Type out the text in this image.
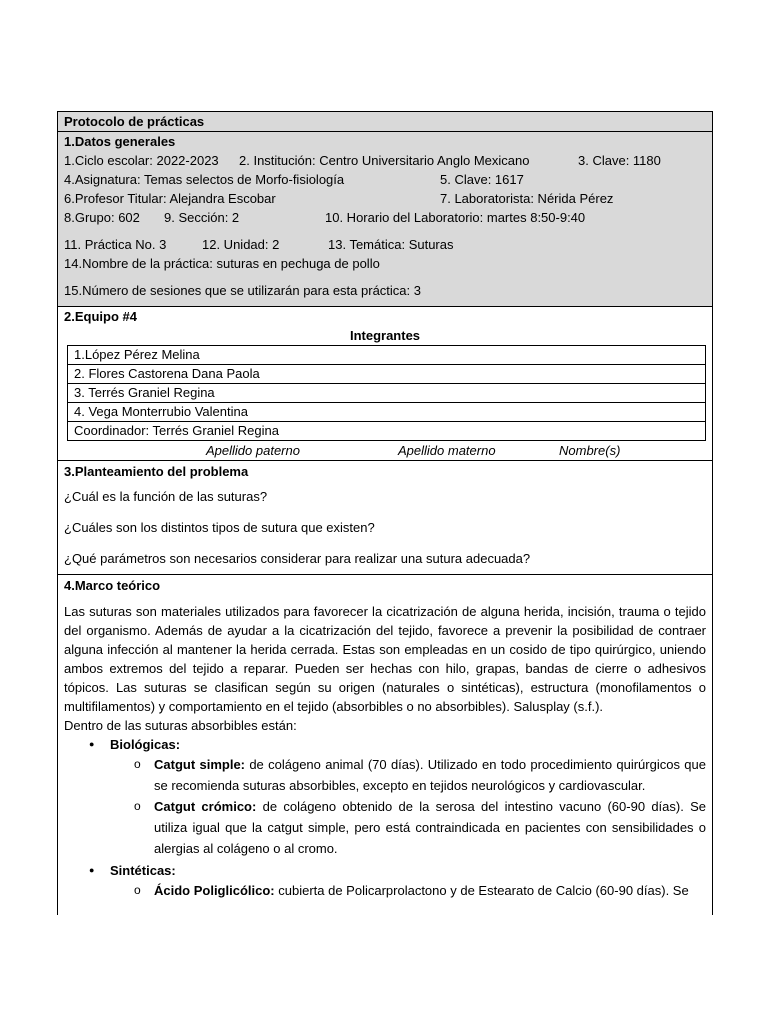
Protocolo de prácticas
1.Datos generales
1.Ciclo escolar: 2022-2023 2. Institución: Centro Universitario Anglo Mexicano	3. Clave: 1180
4.Asignatura: Temas selectos de Morfo-fisiología	5. Clave: 1617
6.Profesor Titular: Alejandra Escobar	7. Laboratorista: Nérida Pérez
8.Grupo: 602 9. Sección: 2	10. Horario del Laboratorio: martes 8:50-9:40
11. Práctica No. 3	12. Unidad: 2	13. Temática: Suturas
14.Nombre de la práctica: suturas en pechuga de pollo
15.Número de sesiones que se utilizarán para esta práctica: 3
2.Equipo #4
Integrantes
1.López Pérez Melina
2. Flores Castorena Dana Paola
3. Terrés Graniel Regina
4. Vega Monterrubio Valentina
Coordinador: Terrés Graniel Regina
Apellido paterno	Apellido materno	Nombre(s)
3.Planteamiento del problema
¿Cuál es la función de las suturas?
¿Cuáles son los distintos tipos de sutura que existen?
¿Qué parámetros son necesarios considerar para realizar una sutura adecuada?
4.Marco teórico

Las suturas son materiales utilizados para favorecer la cicatrización de alguna herida, incisión, trauma o tejido del organismo. Además de ayudar a la cicatrización del tejido, favorece a prevenir la posibilidad de contraer alguna infección al mantener la herida cerrada. Estas son empleadas en un cosido de tipo quirúrgico, uniendo ambos extremos del tejido a reparar. Pueden ser hechas con hilo, grapas, bandas de cierre o adhesivos tópicos. Las suturas se clasifican según su origen (naturales o sintéticas), estructura (monofilamentos o multifilamentos) y comportamiento en el tejido (absorbibles o no absorbibles). Salusplay (s.f.).

Dentro de las suturas absorbibles están:
● Biológicas:
o Catgut simple: de colágeno animal (70 días). Utilizado en todo procedimiento quirúrgicos que se recomienda suturas absorbibles, excepto en tejidos neurológicos y cardiovascular.
o Catgut crómico: de colágeno obtenido de la serosa del intestino vacuno (60-90 días). Se utiliza igual que la catgut simple, pero está contraindicada en pacientes con sensibilidades o alergias al colágeno o al cromo.
● Sintéticas:
o Ácido Poliglicólico: cubierta de Policarprolactono y de Estearato de Calcio (60-90 días). Se
